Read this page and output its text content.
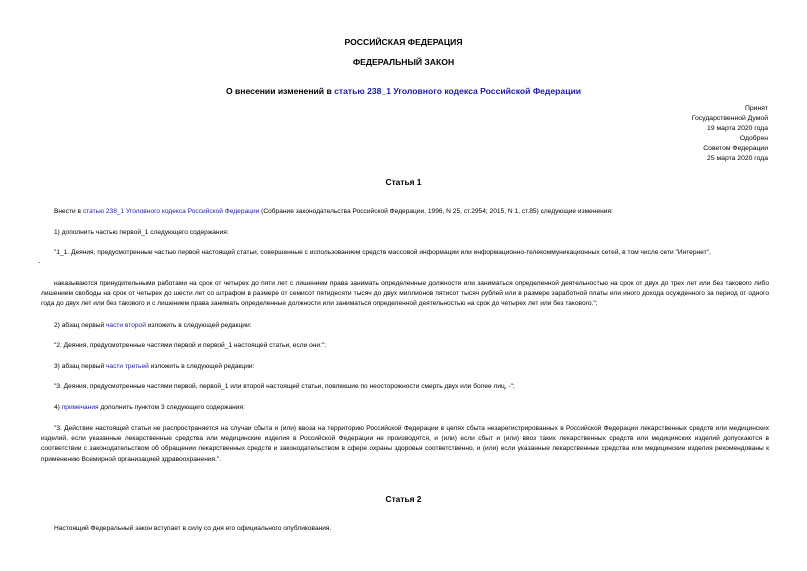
РОССИЙСКАЯ ФЕДЕРАЦИЯ
ФЕДЕРАЛЬНЫЙ ЗАКОН
О внесении изменений в статью 238_1 Уголовного кодекса Российской Федерации
Принят
Государственной Думой
19 марта 2020 года
Одобрен
Советом Федерации
25 марта 2020 года
Статья 1
Внести в статью 238_1 Уголовного кодекса Российской Федерации (Собрание законодательства Российской Федерации, 1996, N 25, ст.2954; 2015, N 1, ст.85) следующие изменения:
1) дополнить частью первой_1 следующего содержания:
"1_1. Деяния, предусмотренные частью первой настоящей статьи, совершенные с использованием средств массовой информации или информационно-телекоммуникационных сетей, в том числе сети "Интернет",
-
наказываются принудительными работами на срок от четырех до пяти лет с лишением права занимать определенные должности или заниматься определенной деятельностью на срок от двух до трех лет или без такового либо лишением свободы на срок от четырех до шести лет со штрафом в размере от семисот пятидесяти тысяч до двух миллионов пятисот тысяч рублей или в размере заработной платы или иного дохода осужденного за период от одного года до двух лет или без такового и с лишением права занимать определенные должности или заниматься определенной деятельностью на срок до четырех лет или без такового.";
2) абзац первый части второй изложить в следующей редакции:
"2. Деяния, предусмотренные частями первой и первой_1 настоящей статьи, если они:";
3) абзац первый части третьей изложить в следующей редакции:
"3. Деяния, предусмотренные частями первой, первой_1 или второй настоящей статьи, повлекшие по неосторожности смерть двух или более лиц, -";
4) примечания дополнить пунктом 3 следующего содержания:
"3. Действие настоящей статьи не распространяется на случаи сбыта и (или) ввоза на территорию Российской Федерации в целях сбыта незарегистрированных в Российской Федерации лекарственных средств или медицинских изделий, если указанные лекарственные средства или медицинские изделия в Российской Федерации не производятся, и (или) если сбыт и (или) ввоз таких лекарственных средств или медицинских изделий допускаются в соответствии с законодательством об обращении лекарственных средств и законодательством в сфере охраны здоровья соответственно, и (или) если указанные лекарственные средства или медицинские изделия рекомендованы к применению Всемирной организацией здравоохранения.".
Статья 2
Настоящий Федеральный закон вступает в силу со дня его официального опубликования.
